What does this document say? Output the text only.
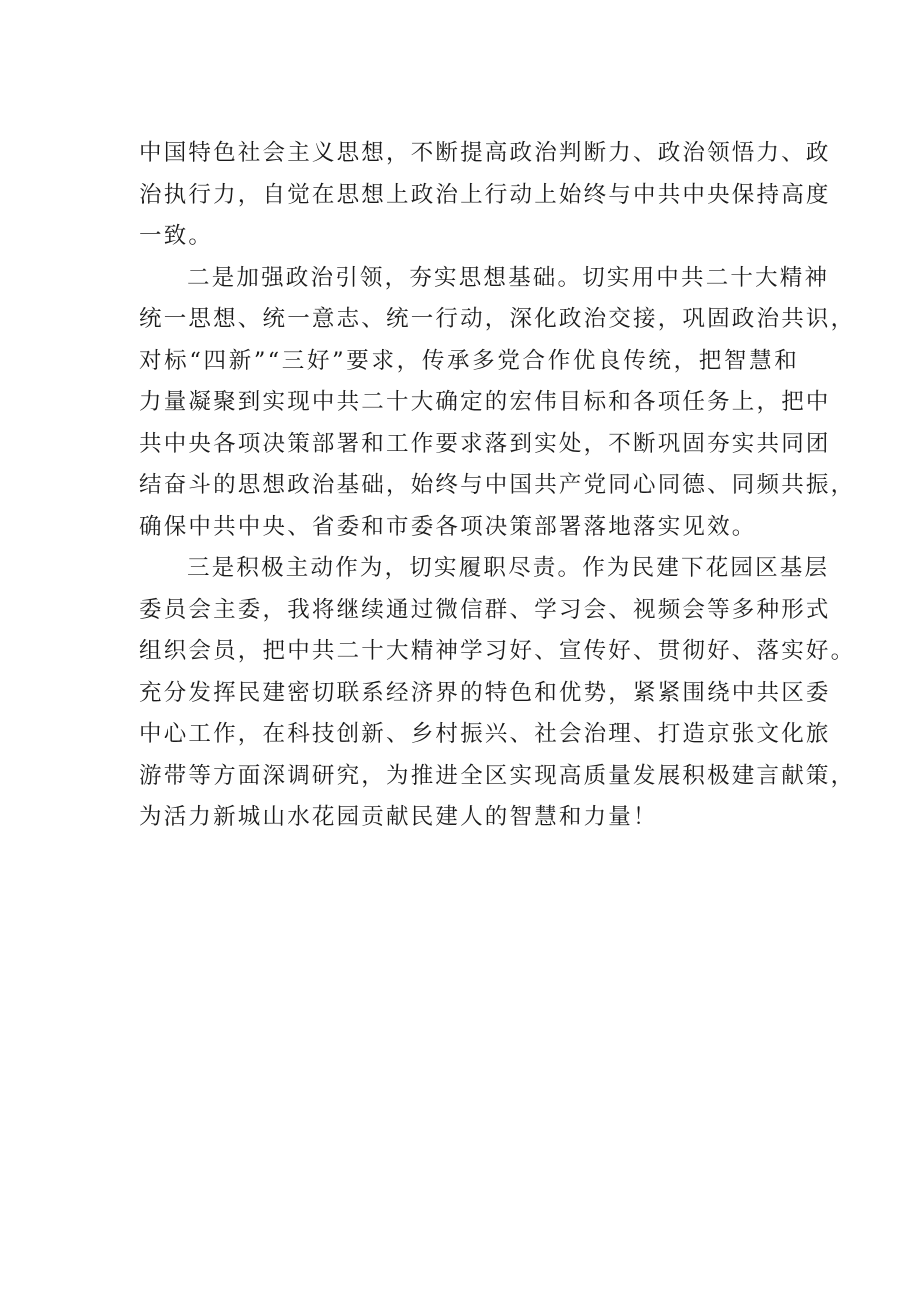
中国特色社会主义思想，不断提高政治判断力、政治领悟力、政
治执行力，自觉在思想上政治上行动上始终与中共中央保持高度
一致。
二是加强政治引领，夯实思想基础。切实用中共二十大精神
统一思想、统一意志、统一行动，深化政治交接，巩固政治共识，
对标“四新”“三好”要求，传承多党合作优良传统，把智慧和
力量凝聚到实现中共二十大确定的宏伟目标和各项任务上，把中
共中央各项决策部署和工作要求落到实处，不断巩固夯实共同团
结奋斗的思想政治基础，始终与中国共产党同心同德、同频共振，
确保中共中央、省委和市委各项决策部署落地落实见效。
三是积极主动作为，切实履职尽责。作为民建下花园区基层
委员会主委，我将继续通过微信群、学习会、视频会等多种形式
组织会员，把中共二十大精神学习好、宣传好、贯彻好、落实好。
充分发挥民建密切联系经济界的特色和优势，紧紧围绕中共区委
中心工作，在科技创新、乡村振兴、社会治理、打造京张文化旅
游带等方面深调研究，为推进全区实现高质量发展积极建言献策，
为活力新城山水花园贡献民建人的智慧和力量！
